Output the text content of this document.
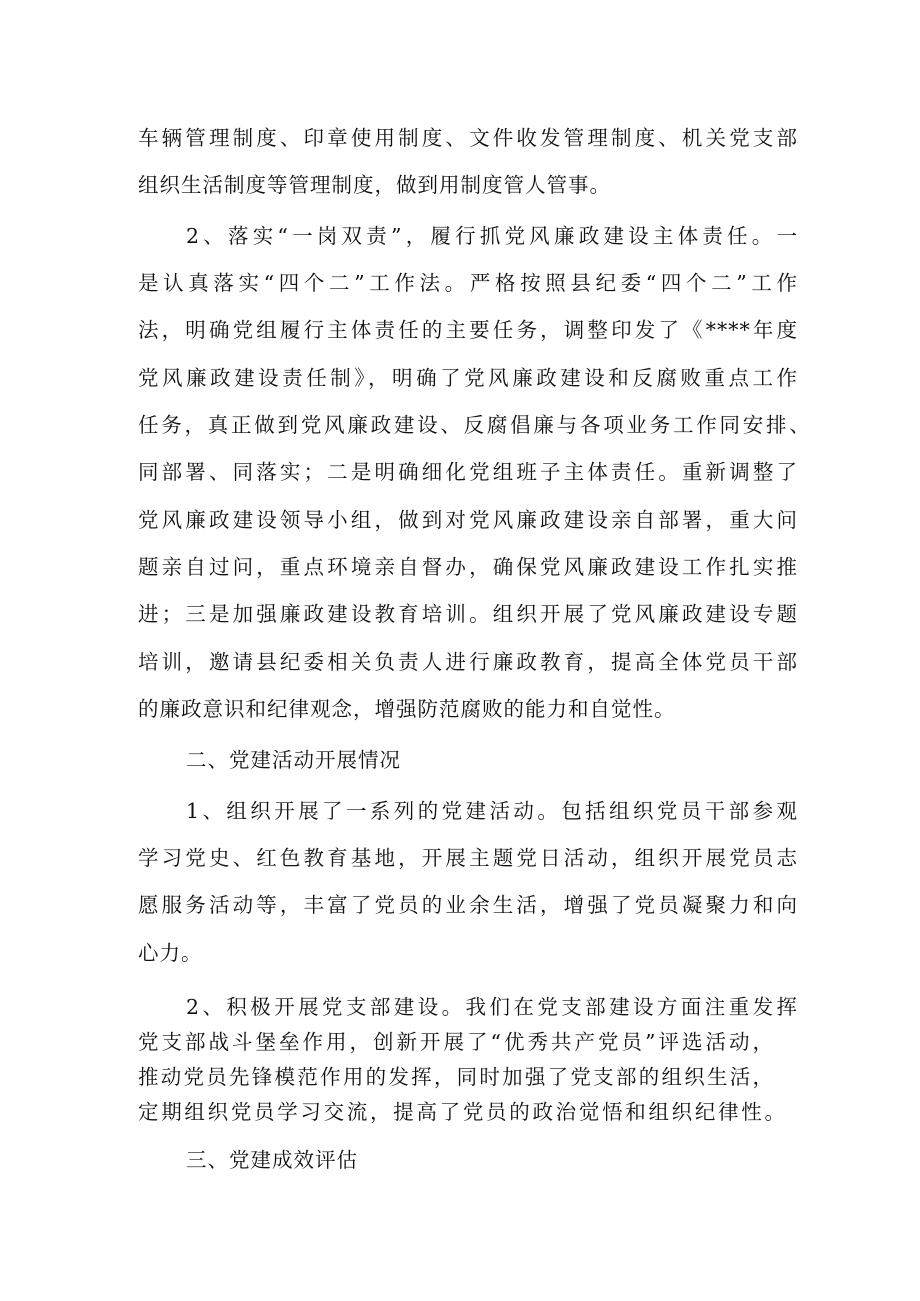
车辆管理制度、印章使用制度、文件收发管理制度、机关党支部
组织生活制度等管理制度，做到用制度管人管事。
2、落实“一岗双责”，履行抓党风廉政建设主体责任。一
是认真落实“四个二”工作法。严格按照县纪委“四个二”工作
法，明确党组履行主体责任的主要任务，调整印发了《****年度
党风廉政建设责任制》，明确了党风廉政建设和反腐败重点工作
任务，真正做到党风廉政建设、反腐倡廉与各项业务工作同安排、
同部署、同落实；二是明确细化党组班子主体责任。重新调整了
党风廉政建设领导小组，做到对党风廉政建设亲自部署，重大问
题亲自过问，重点环境亲自督办，确保党风廉政建设工作扎实推
进；三是加强廉政建设教育培训。组织开展了党风廉政建设专题
培训，邀请县纪委相关负责人进行廉政教育，提高全体党员干部
的廉政意识和纪律观念，增强防范腐败的能力和自觉性。
二、党建活动开展情况
1、组织开展了一系列的党建活动。包括组织党员干部参观
学习党史、红色教育基地，开展主题党日活动，组织开展党员志
愿服务活动等，丰富了党员的业余生活，增强了党员凝聚力和向
心力。
2、积极开展党支部建设。我们在党支部建设方面注重发挥
党支部战斗堡垒作用，创新开展了“优秀共产党员”评选活动，
推动党员先锋模范作用的发挥，同时加强了党支部的组织生活，
定期组织党员学习交流，提高了党员的政治觉悟和组织纪律性。
三、党建成效评估
